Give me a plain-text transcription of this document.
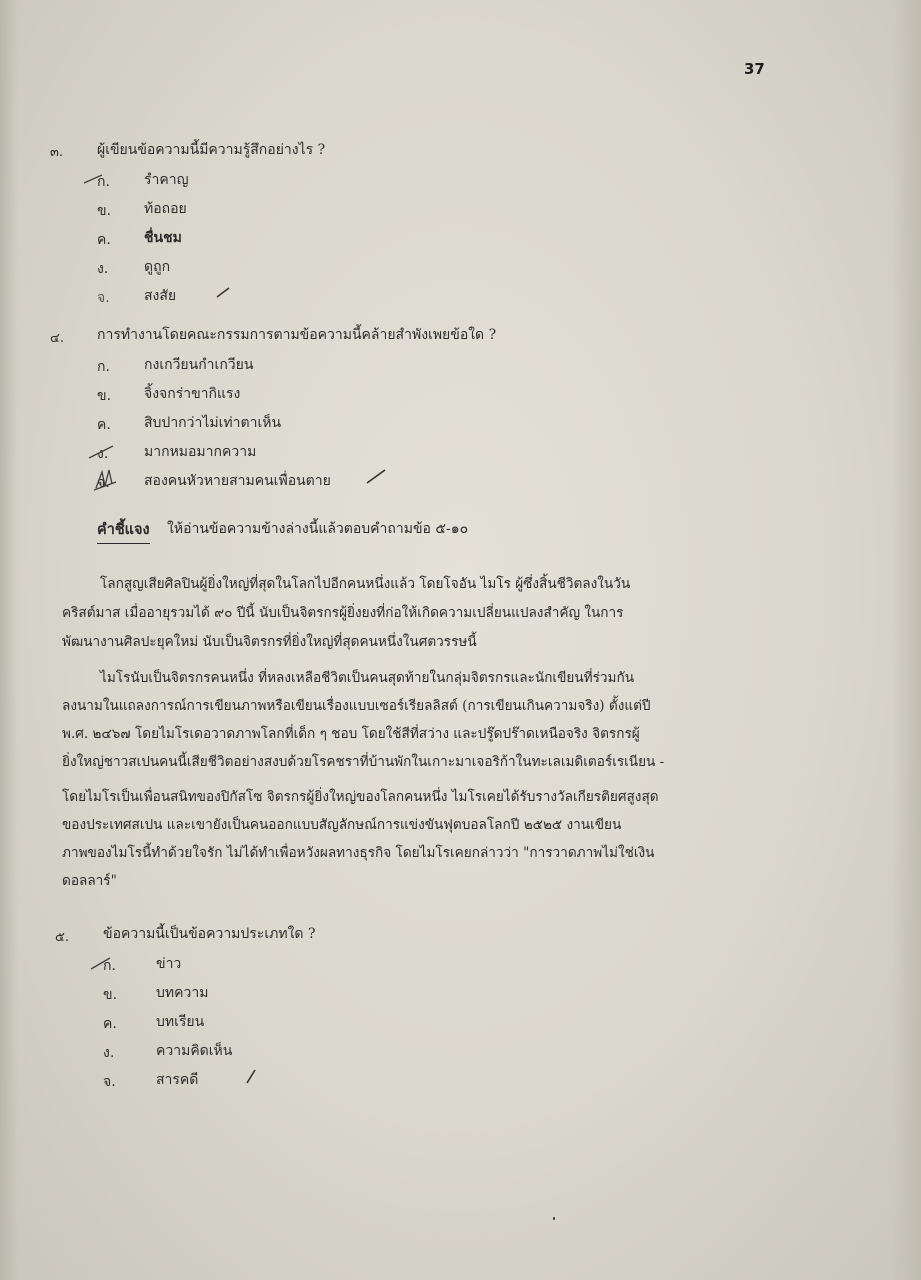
37
๓. ผู้เขียนข้อความนี้มีความรู้สึกอย่างไร ?
ก. รำคาญ
ข. ท้อถอย
ค. ชื่นชม
ง.	ดูถูก
จ. สงสัย
๔. การทำงานโดยคณะกรรมการตามข้อความนี้คล้ายสำพังเพยข้อใด ?
ก. กงเกวียนกำเกวียน
ข. จิ้งจกร่าขากิแรง
ค. สิบปากว่าไม่เท่าตาเห็น
ง.	มากหมอมากความ
จ. สองคนหัวหายสามคนเพื่อนตาย
คำชี้แจง ให้อ่านข้อความข้างล่างนี้แล้วตอบคำถามข้อ ๕-๑๐
โลกสูญเสียศิลปินผู้ยิ่งใหญ่ที่สุดในโลกไปอีกคนหนึ่งแล้ว โดยโจอัน ไมโร ผู้ซึ่งสิ้นชีวิตลงในวัน
คริสต์มาส เมื่ออายุรวมได้ ๙๐ ปีนี้ นับเป็นจิตรกรผู้ยิ่งยงที่ก่อให้เกิดความเปลี่ยนแปลงสำคัญ ในการ
พัฒนางานศิลปะยุคใหม่ นับเป็นจิตรกรที่ยิ่งใหญ่ที่สุดคนหนึ่งในศตวรรษนี้
ไมโรนับเป็นจิตรกรคนหนึ่ง ที่หลงเหลือชีวิตเป็นคนสุดท้ายในกลุ่มจิตรกรและนักเขียนที่ร่วมกัน
ลงนามในแถลงการณ์การเขียนภาพหรือเขียนเรื่องแบบเซอร์เรียลลิสต์ (การเขียนเกินความจริง) ตั้งแต่ปี
พ.ศ. ๒๔๖๗ โดยไมโรเดอวาดภาพโลกที่เด็ก ๆ ชอบ โดยใช้สีที่สว่าง และปรู๊ดปร๊าดเหนือจริง จิตรกรผู้
ยิ่งใหญ่ชาวสเปนคนนี้เสียชีวิตอย่างสงบด้วยโรคชราที่บ้านพักในเกาะมาเจอริก้าในทะเลเมดิเตอร์เรเนียน -
โดยไมโรเป็นเพื่อนสนิทของปิกัสโซ จิตรกรผู้ยิ่งใหญ่ของโลกคนหนึ่ง ไมโรเคยได้รับรางวัลเกียรติยศสูงสุด
ของประเทศสเปน และเขายังเป็นคนออกแบบสัญลักษณ์การแข่งขันฟุตบอลโลกปี ๒๕๒๕ งานเขียน
ภาพของไมโรนี้ทำด้วยใจรัก ไม่ได้ทำเพื่อหวังผลทางธุรกิจ โดยไมโรเคยกล่าวว่า "การวาดภาพไม่ใช่เงิน
ดอลลาร์"
๕. ข้อความนี้เป็นข้อความประเภทใด ?
ก.	ข่าว
ข.	บทความ
ค.	บทเรียน
ง.	ความคิดเห็น
จ.	สารคดี
